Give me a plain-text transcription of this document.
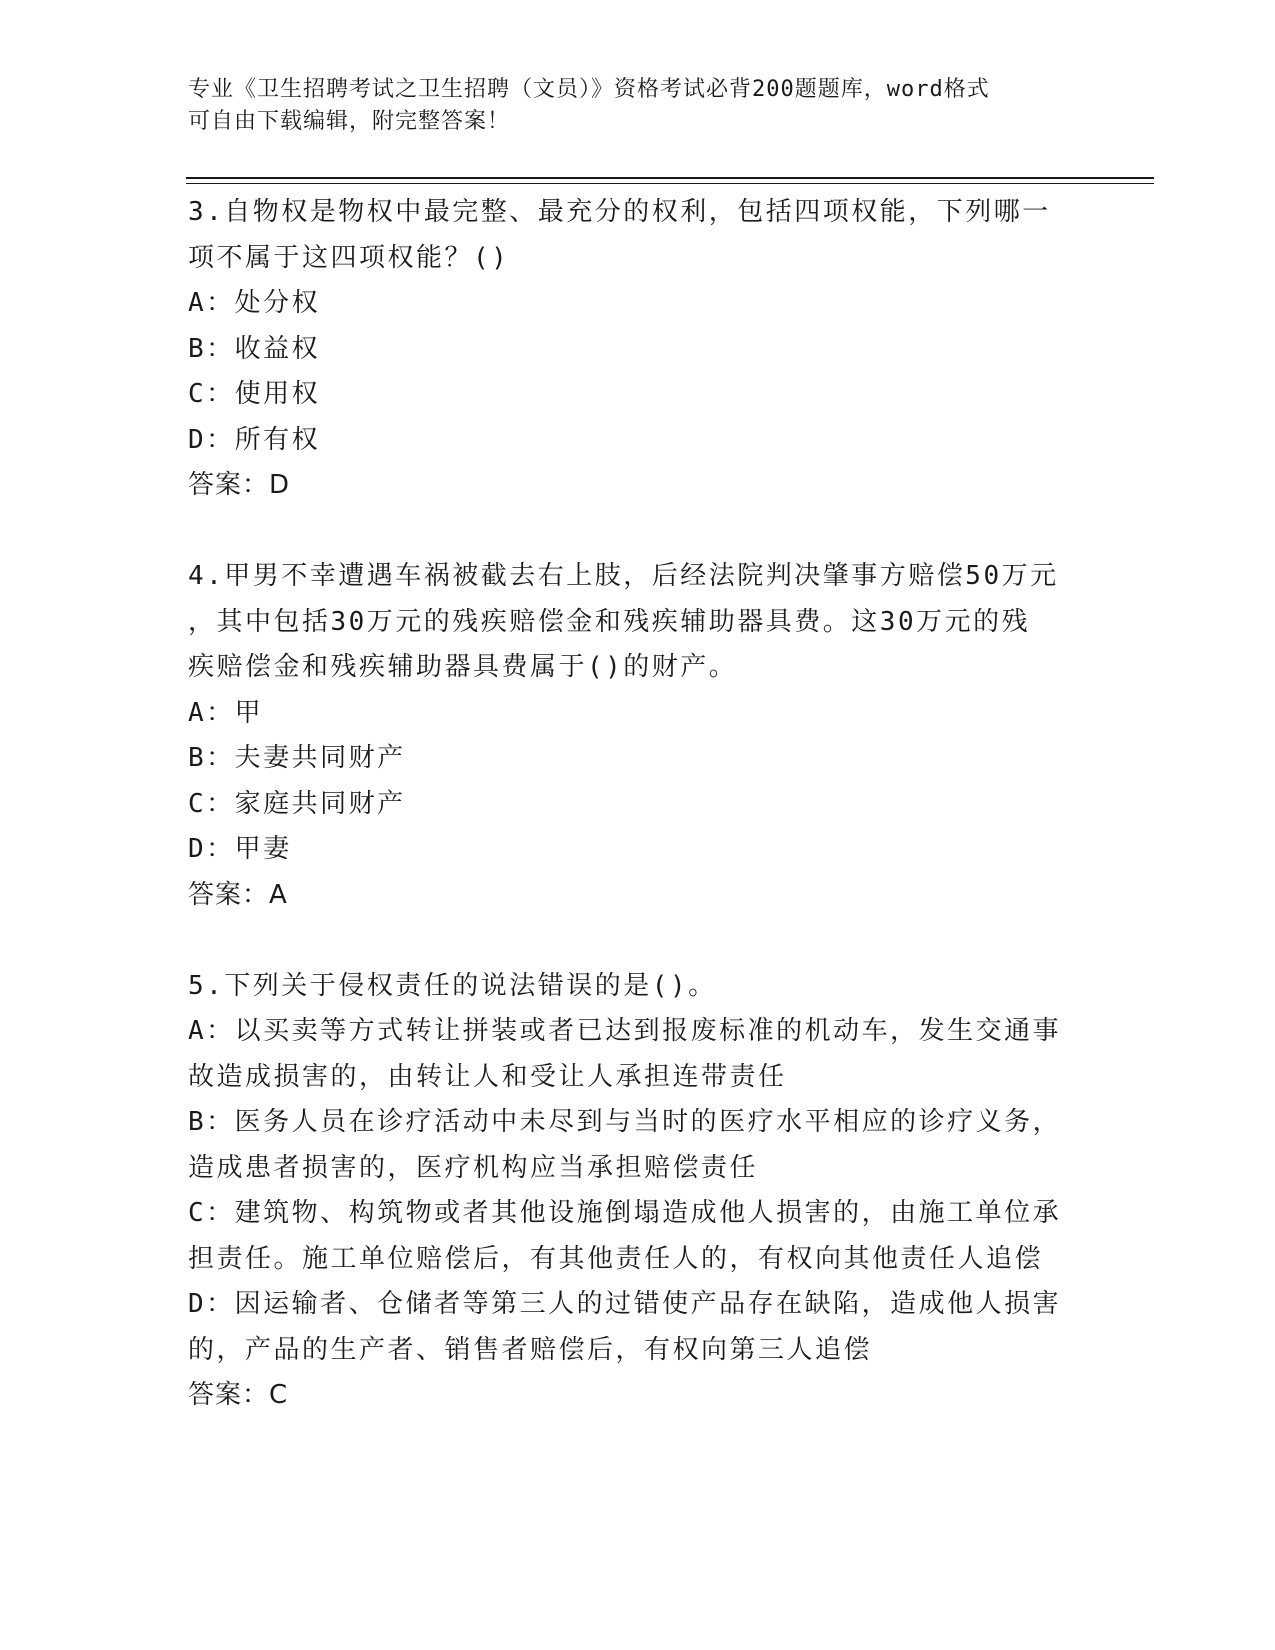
专业《卫生招聘考试之卫生招聘（文员）》资格考试必背200题题库，word格式
可自由下载编辑，附完整答案！
3.自物权是物权中最完整、最充分的权利，包括四项权能，下列哪一
项不属于这四项权能？()
A：处分权
B：收益权
C：使用权
D：所有权
答案：D
4.甲男不幸遭遇车祸被截去右上肢，后经法院判决肇事方赔偿50万元
，其中包括30万元的残疾赔偿金和残疾辅助器具费。这30万元的残
疾赔偿金和残疾辅助器具费属于()的财产。
A：甲
B：夫妻共同财产
C：家庭共同财产
D：甲妻
答案：A
5.下列关于侵权责任的说法错误的是()。
A：以买卖等方式转让拼装或者已达到报废标准的机动车，发生交通事
故造成损害的，由转让人和受让人承担连带责任
B：医务人员在诊疗活动中未尽到与当时的医疗水平相应的诊疗义务，
造成患者损害的，医疗机构应当承担赔偿责任
C：建筑物、构筑物或者其他设施倒塌造成他人损害的，由施工单位承
担责任。施工单位赔偿后，有其他责任人的，有权向其他责任人追偿
D：因运输者、仓储者等第三人的过错使产品存在缺陷，造成他人损害
的，产品的生产者、销售者赔偿后，有权向第三人追偿
答案：C
